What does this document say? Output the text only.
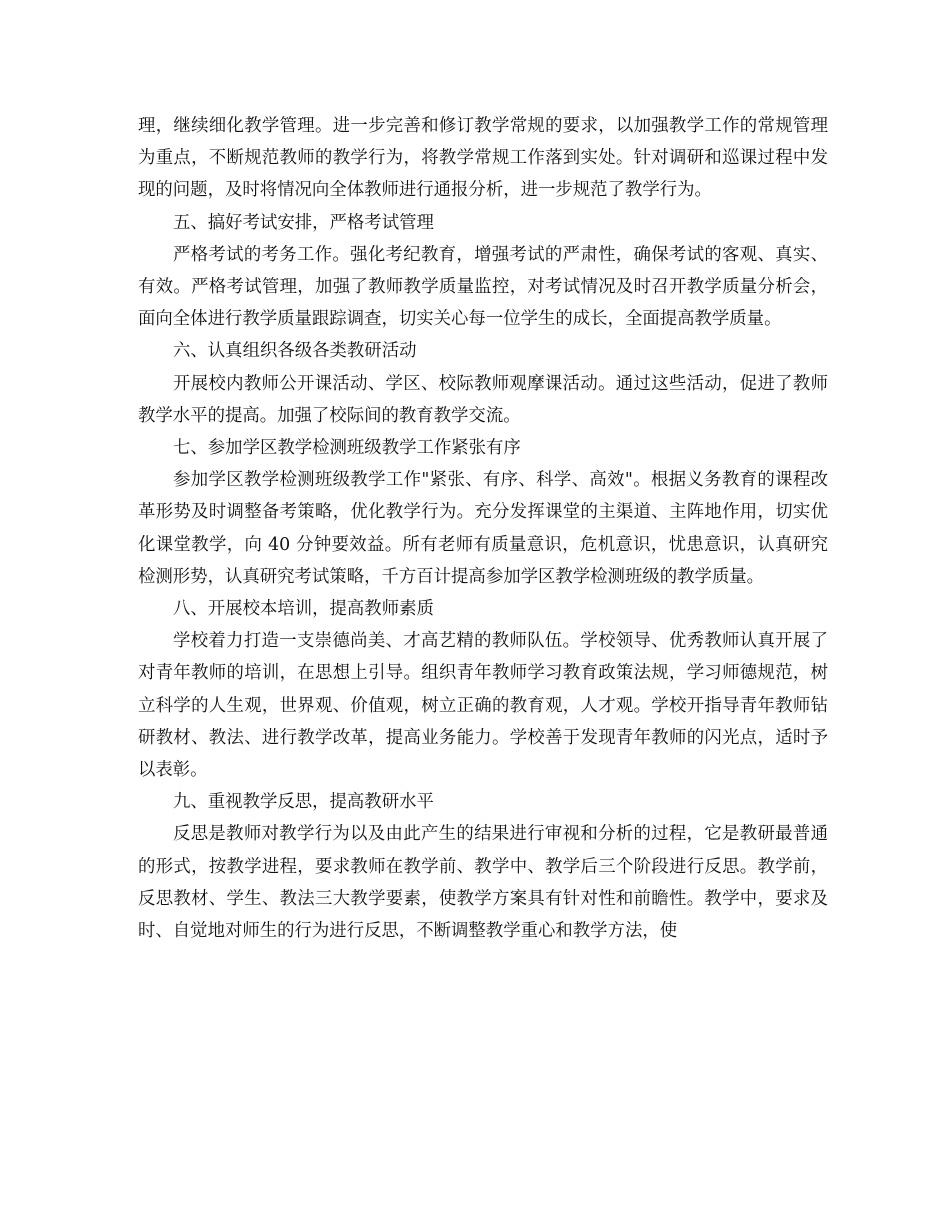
理，继续细化教学管理。进一步完善和修订教学常规的要求，以加强教学工作的常规管理为重点，不断规范教师的教学行为，将教学常规工作落到实处。针对调研和巡课过程中发现的问题，及时将情况向全体教师进行通报分析，进一步规范了教学行为。

五、搞好考试安排，严格考试管理

严格考试的考务工作。强化考纪教育，增强考试的严肃性，确保考试的客观、真实、有效。严格考试管理，加强了教师教学质量监控，对考试情况及时召开教学质量分析会，面向全体进行教学质量跟踪调查，切实关心每一位学生的成长，全面提高教学质量。

六、认真组织各级各类教研活动

开展校内教师公开课活动、学区、校际教师观摩课活动。通过这些活动，促进了教师教学水平的提高。加强了校际间的教育教学交流。

七、参加学区教学检测班级教学工作紧张有序

参加学区教学检测班级教学工作"紧张、有序、科学、高效"。根据义务教育的课程改革形势及时调整备考策略，优化教学行为。充分发挥课堂的主渠道、主阵地作用，切实优化课堂教学，向 40 分钟要效益。所有老师有质量意识，危机意识，忧患意识，认真研究检测形势，认真研究考试策略，千方百计提高参加学区教学检测班级的教学质量。

八、开展校本培训，提高教师素质

学校着力打造一支崇德尚美、才高艺精的教师队伍。学校领导、优秀教师认真开展了对青年教师的培训，在思想上引导。组织青年教师学习教育政策法规，学习师德规范，树立科学的人生观，世界观、价值观，树立正确的教育观，人才观。学校开指导青年教师钻研教材、教法、进行教学改革，提高业务能力。学校善于发现青年教师的闪光点，适时予以表彰。

九、重视教学反思，提高教研水平

反思是教师对教学行为以及由此产生的结果进行审视和分析的过程，它是教研最普通的形式，按教学进程，要求教师在教学前、教学中、教学后三个阶段进行反思。教学前，反思教材、学生、教法三大教学要素，使教学方案具有针对性和前瞻性。教学中，要求及时、自觉地对师生的行为进行反思，不断调整教学重心和教学方法，使
